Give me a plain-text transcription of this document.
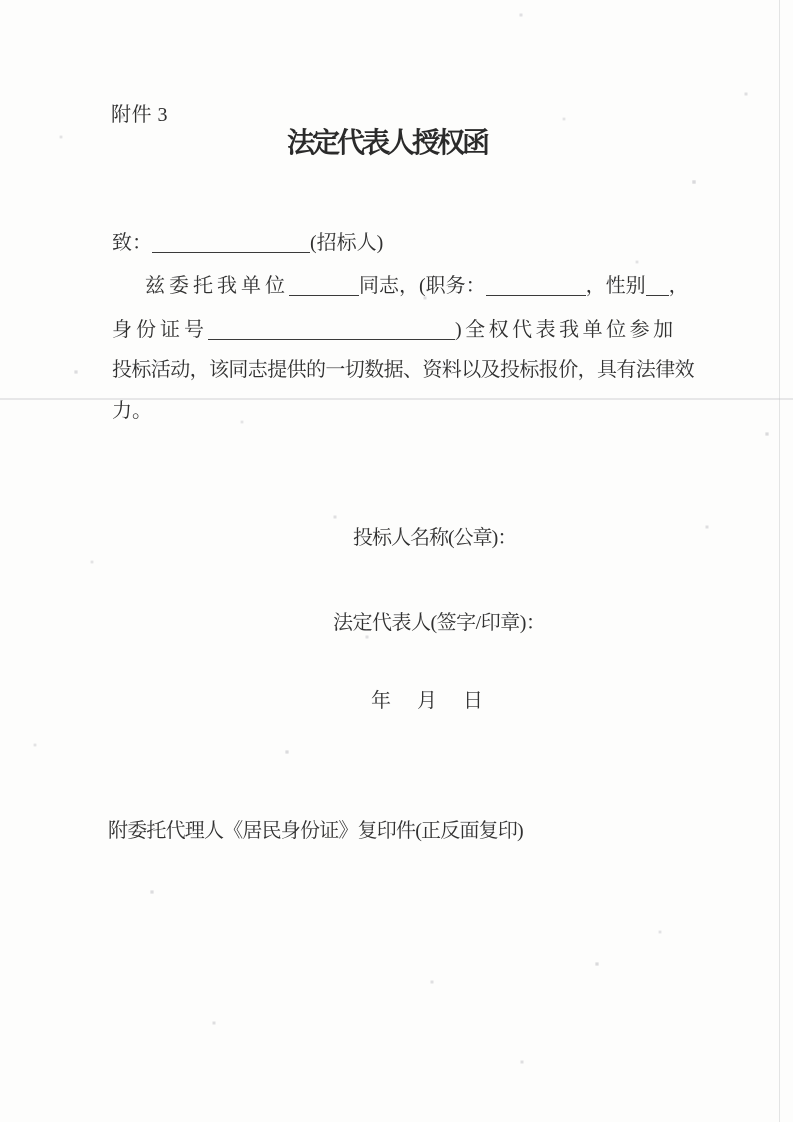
附件 3
法定代表人授权函
致：	(招标人)
兹委托我单位	同志，(职务：	，性别 ，
身份证号	)全权代表我单位参加
投标活动，该同志提供的一切数据、资料以及投标报价，具有法律效
力。
投标人名称(公章)：
法定代表人(签字/印章)：
年　月　日
附委托代理人《居民身份证》复印件(正反面复印)
